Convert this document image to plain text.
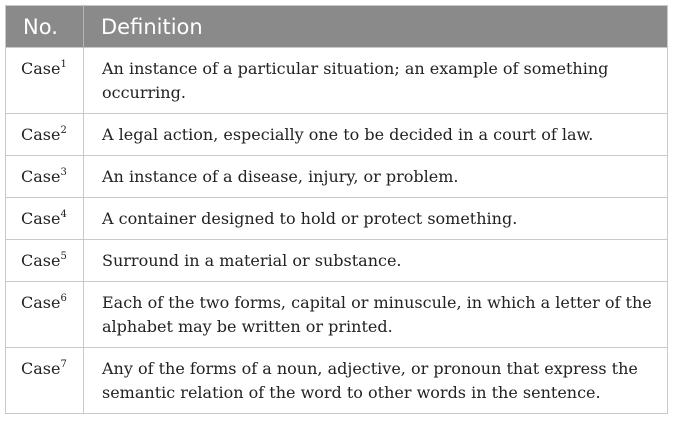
No.	Definition
Case$^1$	An instance of a particular situation; an example of something occurring.
Case$^2$	A legal action, especially one to be decided in a court of law.
Case$^3$	An instance of a disease, injury, or problem.
Case$^4$	A container designed to hold or protect something.
Case$^5$	Surround in a material or substance.
Case$^6$	Each of the two forms, capital or minuscule, in which a letter of the alphabet may be written or printed.
Case$^7$	Any of the forms of a noun, adjective, or pronoun that express the semantic relation of the word to other words in the sentence.
